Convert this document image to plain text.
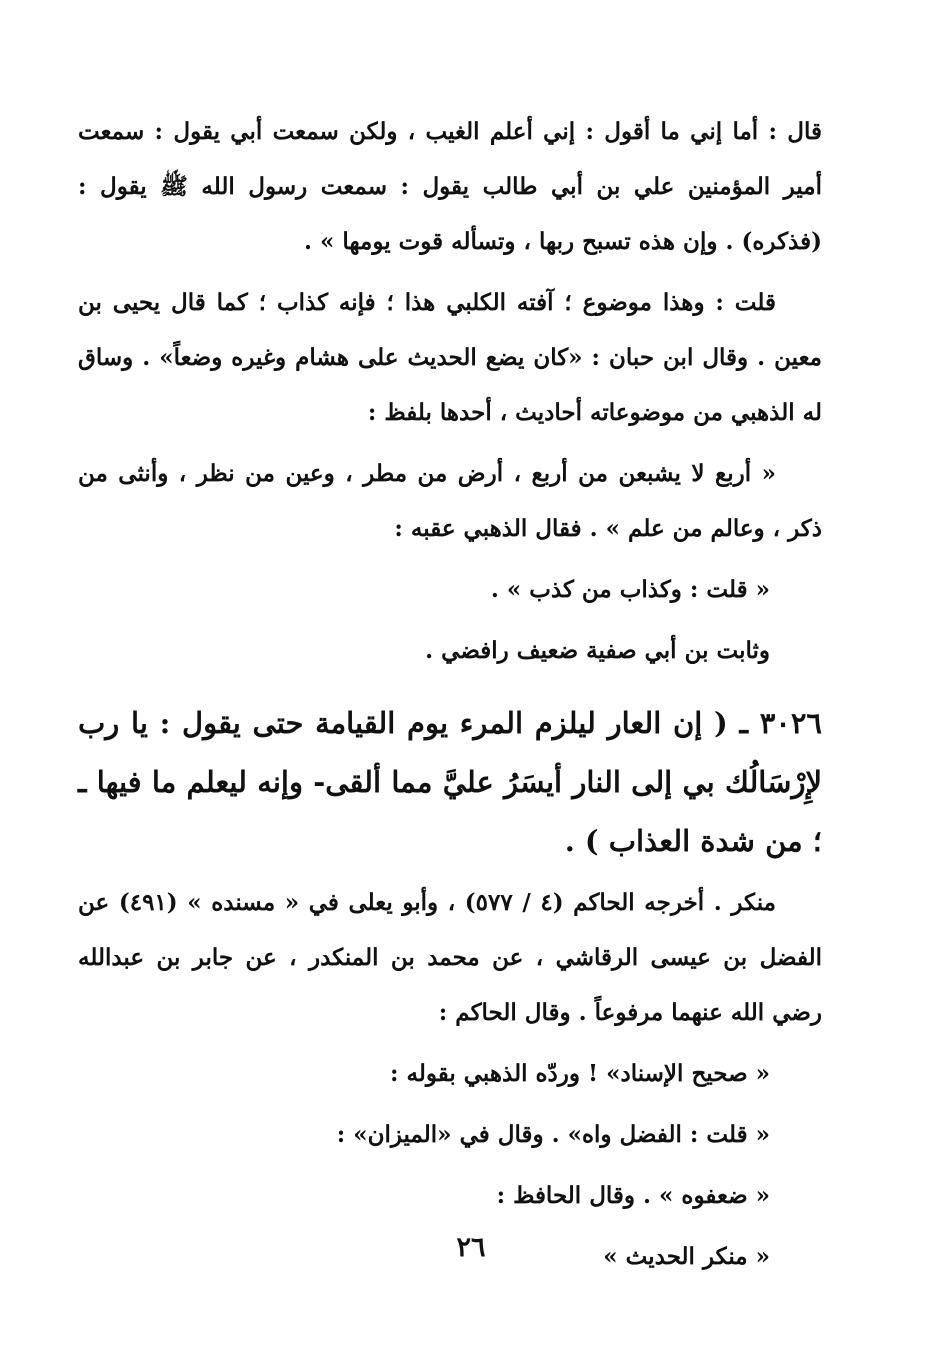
قال : أما إني ما أقول : إني أعلم الغيب ، ولكن سمعت أبي يقول : سمعت أمير المؤمنين علي بن أبي طالب يقول : سمعت رسول الله ﷺ يقول : (فذكره) . وإن هذه تسبح ربها ، وتسأله قوت يومها » .

قلت : وهذا موضوع ؛ آفته الكلبي هذا ؛ فإنه كذاب ؛ كما قال يحيى بن معين . وقال ابن حبان : «كان يضع الحديث على هشام وغيره وضعاً» . وساق له الذهبي من موضوعاته أحاديث ، أحدها بلفظ :

« أربع لا يشبعن من أربع ، أرض من مطر ، وعين من نظر ، وأنثى من ذكر ، وعالم من علم » . فقال الذهبي عقبه :

« قلت : وكذاب من كذب » .

وثابت بن أبي صفية ضعيف رافضي .

٣٠٢٦ ـ ( إن العار ليلزم المرء يوم القيامة حتى يقول : يا رب لإِرْسَالُك بي إلى النار أيسَرُ عليَّ مما ألقى- وإنه ليعلم ما فيها ـ ؛ من شدة العذاب ) .

منكر . أخرجه الحاكم (٤ / ٥٧٧) ، وأبو يعلى في « مسنده » (٤٩١) عن الفضل بن عيسى الرقاشي ، عن محمد بن المنكدر ، عن جابر بن عبدالله رضي الله عنهما مرفوعاً . وقال الحاكم :

« صحيح الإسناد» ! وردّه الذهبي بقوله :

« قلت : الفضل واه» . وقال في «الميزان» :

« ضعفوه » . وقال الحافظ :

« منكر الحديث »

٢٦
